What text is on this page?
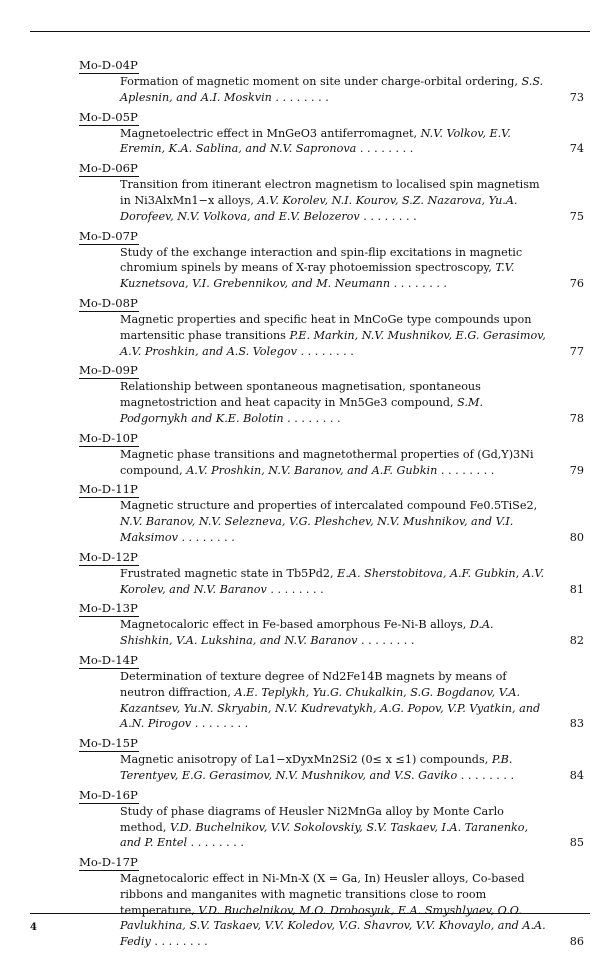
Mo-D-04P

Formation of magnetic moment on site under charge-orbital ordering, S.S. Aplesnin, and A.I. Moskvin . . . . . . . .	73
Mo-D-05P

Magnetoelectric effect in MnGeO3 antiferromagnet, N.V. Volkov, E.V. Eremin, K.A. Sablina, and N.V. Sapronova . . . . . . . .	74
Mo-D-06P

Transition from itinerant electron magnetism to localised spin magnetism in Ni3AlxMn1−x alloys, A.V. Korolev, N.I. Kourov, S.Z. Nazarova, Yu.A. Dorofeev, N.V. Volkova, and E.V. Belozerov . . . . . . . .	75
Mo-D-07P

Study of the exchange interaction and spin-flip excitations in magnetic chromium spinels by means of X-ray photoemission spectroscopy, T.V. Kuznetsova, V.I. Grebennikov, and M. Neumann . . . . . . . .	76
Mo-D-08P

Magnetic properties and specific heat in MnCoGe type compounds upon martensitic phase transitions P.E. Markin, N.V. Mushnikov, E.G. Gerasimov, A.V. Proshkin, and A.S. Volegov . . . . . . . .	77
Mo-D-09P

Relationship between spontaneous magnetisation, spontaneous magnetostriction and heat capacity in Mn5Ge3 compound, S.M. Podgornykh and K.E. Bolotin . . . . . . . .	78
Mo-D-10P

Magnetic phase transitions and magnetothermal properties of (Gd,Y)3Ni compound, A.V. Proshkin, N.V. Baranov, and A.F. Gubkin . . . . . . . .	79
Mo-D-11P

Magnetic structure and properties of intercalated compound Fe0.5TiSe2, N.V. Baranov, N.V. Selezneva, V.G. Pleshchev, N.V. Mushnikov, and V.I. Maksimov . . . . . . . .	80
Mo-D-12P

Frustrated magnetic state in Tb5Pd2, E.A. Sherstobitova, A.F. Gubkin, A.V. Korolev, and N.V. Baranov . . . . . . . .	81
Mo-D-13P

Magnetocaloric effect in Fe-based amorphous Fe-Ni-B alloys, D.A. Shishkin, V.A. Lukshina, and N.V. Baranov . . . . . . . .	82
Mo-D-14P

Determination of texture degree of Nd2Fe14B magnets by means of neutron diffraction, A.E. Teplykh, Yu.G. Chukalkin, S.G. Bogdanov, V.A. Kazantsev, Yu.N. Skryabin, N.V. Kudrevatykh, A.G. Popov, V.P. Vyatkin, and A.N. Pirogov . . . . . . . .	83
Mo-D-15P

Magnetic anisotropy of La1−xDyxMn2Si2 (0≤ x ≤1) compounds, P.B. Terentyev, E.G. Gerasimov, N.V. Mushnikov, and V.S. Gaviko . . . . . . . .	84
Mo-D-16P

Study of phase diagrams of Heusler Ni2MnGa alloy by Monte Carlo method, V.D. Buchelnikov, V.V. Sokolovskiy, S.V. Taskaev, I.A. Taranenko, and P. Entel . . . . . . . .	85
Mo-D-17P

Magnetocaloric effect in Ni-Mn-X (X = Ga, In) Heusler alloys, Co-based ribbons and manganites with magnetic transitions close to room temperature, V.D. Buchelnikov, M.O. Drobosyuk, E.A. Smyshlyaev, O.O. Pavlukhina, S.V. Taskaev, V.V. Koledov, V.G. Shavrov, V.V. Khovaylo, and A.A. Fediy . . . . . . . .	86
4
